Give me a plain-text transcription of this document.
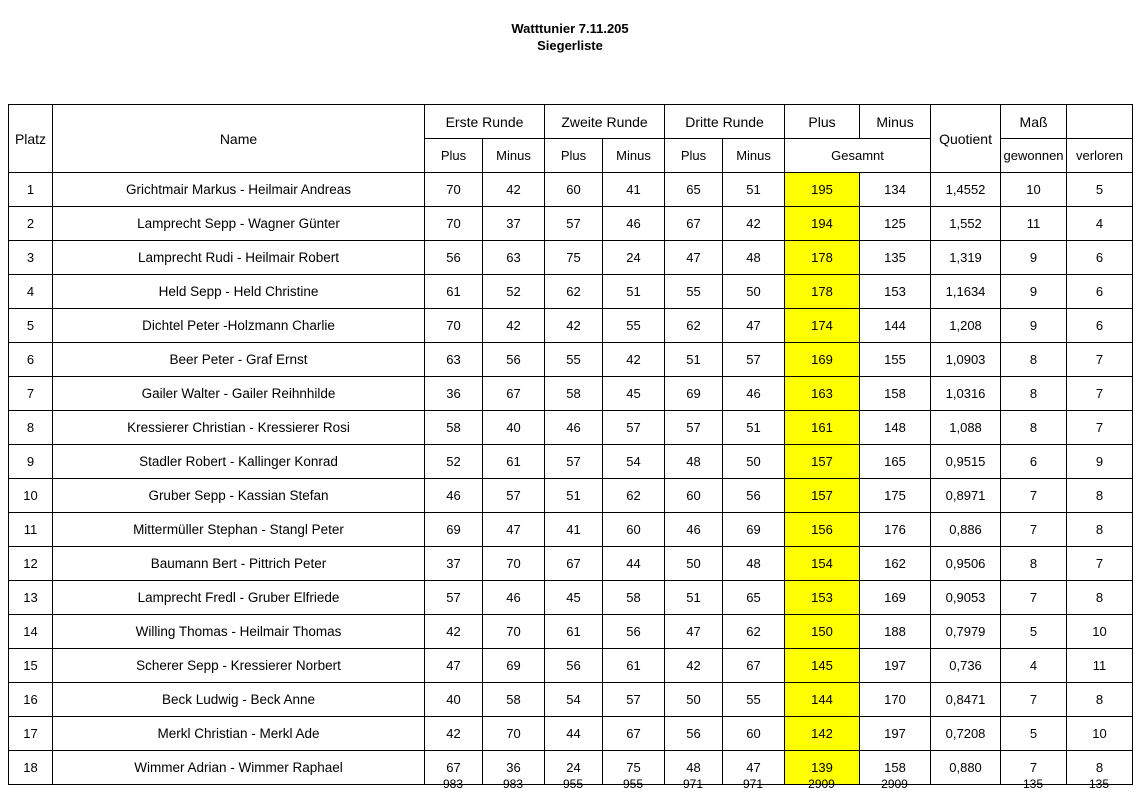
Watttunier 7.11.205
Siegerliste
Platz	Name	Erste Runde		Zweite Runde		Dritte Runde		Plus	Minus	Quotient	Maß	
		Plus	Minus	Plus	Minus	Plus	Minus	Gesamnt			gewonnen	verloren
1	Grichtmair Markus - Heilmair Andreas	70	42	60	41	65	51	195	134	1,4552	10	5
2	Lamprecht Sepp - Wagner Günter	70	37	57	46	67	42	194	125	1,552	11	4
3	Lamprecht Rudi - Heilmair Robert	56	63	75	24	47	48	178	135	1,319	9	6
4	Held Sepp - Held Christine	61	52	62	51	55	50	178	153	1,1634	9	6
5	Dichtel Peter -Holzmann Charlie	70	42	42	55	62	47	174	144	1,208	9	6
6	Beer Peter - Graf Ernst	63	56	55	42	51	57	169	155	1,0903	8	7
7	Gailer Walter - Gailer Reihnhilde	36	67	58	45	69	46	163	158	1,0316	8	7
8	Kressierer Christian - Kressierer Rosi	58	40	46	57	57	51	161	148	1,088	8	7
9	Stadler Robert - Kallinger Konrad	52	61	57	54	48	50	157	165	0,9515	6	9
10	Gruber Sepp - Kassian Stefan	46	57	51	62	60	56	157	175	0,8971	7	8
11	Mittermüller Stephan - Stangl Peter	69	47	41	60	46	69	156	176	0,886	7	8
12	Baumann Bert - Pittrich Peter	37	70	67	44	50	48	154	162	0,9506	8	7
13	Lamprecht Fredl - Gruber Elfriede	57	46	45	58	51	65	153	169	0,9053	7	8
14	Willing Thomas - Heilmair Thomas	42	70	61	56	47	62	150	188	0,7979	5	10
15	Scherer Sepp - Kressierer Norbert	47	69	56	61	42	67	145	197	0,736	4	11
16	Beck Ludwig - Beck Anne	40	58	54	57	50	55	144	170	0,8471	7	8
17	Merkl Christian - Merkl Ade	42	70	44	67	56	60	142	197	0,7208	5	10
18	Wimmer Adrian - Wimmer Raphael	67	36	24	75	48	47	139	158	0,880	7	8
		983	983	955	955	971	971	2909	2909		135	135
